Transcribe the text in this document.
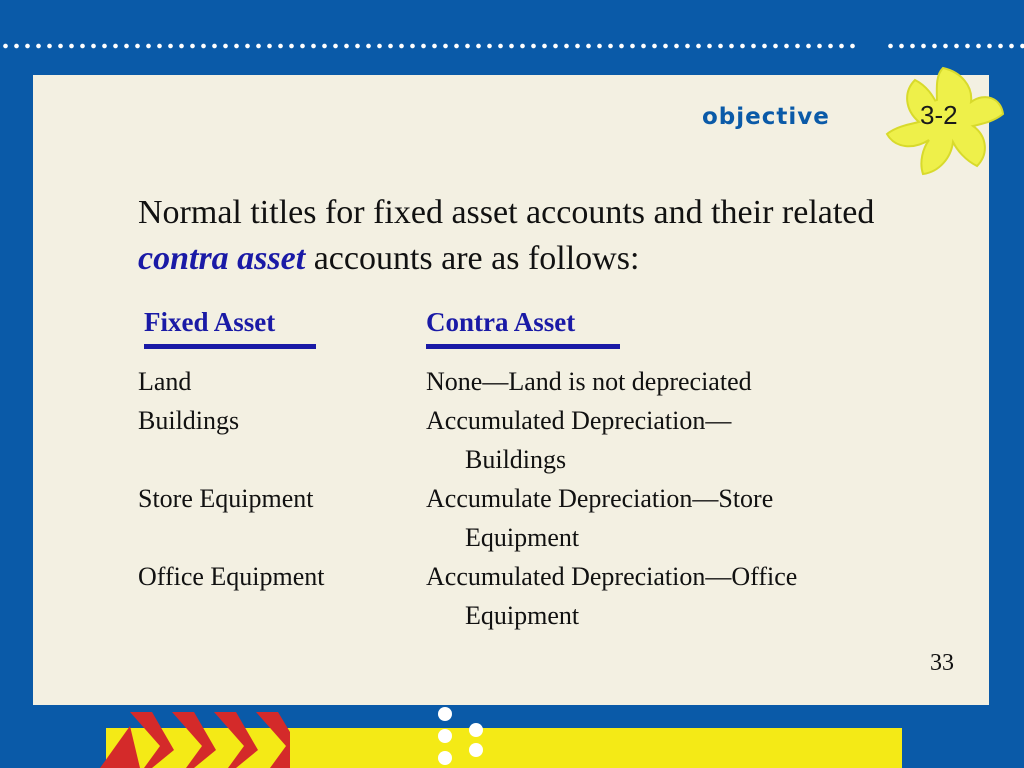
objective	3-2
Normal titles for fixed asset accounts and their related contra asset accounts are as follows:
Fixed Asset	Contra Asset
Land	None—Land is not depreciated
Buildings	Accumulated Depreciation—
Buildings
Store Equipment	Accumulate Depreciation—Store
Equipment
Office Equipment	Accumulated Depreciation—Office
Equipment
33
